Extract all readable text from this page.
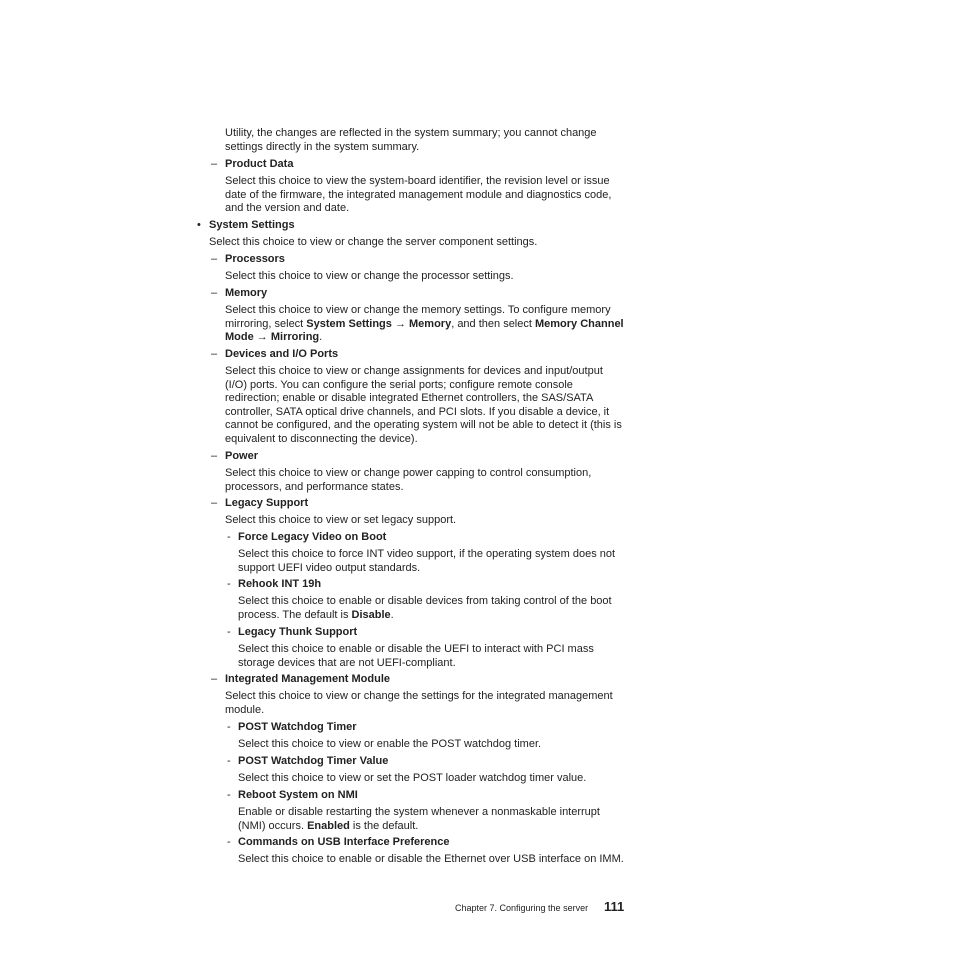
Utility, the changes are reflected in the system summary; you cannot change settings directly in the system summary.
– Product Data
Select this choice to view the system-board identifier, the revision level or issue date of the firmware, the integrated management module and diagnostics code, and the version and date.
• System Settings
Select this choice to view or change the server component settings.
– Processors
Select this choice to view or change the processor settings.
– Memory
Select this choice to view or change the memory settings. To configure memory mirroring, select System Settings → Memory, and then select Memory Channel Mode → Mirroring.
– Devices and I/O Ports
Select this choice to view or change assignments for devices and input/output (I/O) ports. You can configure the serial ports; configure remote console redirection; enable or disable integrated Ethernet controllers, the SAS/SATA controller, SATA optical drive channels, and PCI slots. If you disable a device, it cannot be configured, and the operating system will not be able to detect it (this is equivalent to disconnecting the device).
– Power
Select this choice to view or change power capping to control consumption, processors, and performance states.
– Legacy Support
Select this choice to view or set legacy support.
- Force Legacy Video on Boot
Select this choice to force INT video support, if the operating system does not support UEFI video output standards.
- Rehook INT 19h
Select this choice to enable or disable devices from taking control of the boot process. The default is Disable.
- Legacy Thunk Support
Select this choice to enable or disable the UEFI to interact with PCI mass storage devices that are not UEFI-compliant.
– Integrated Management Module
Select this choice to view or change the settings for the integrated management module.
- POST Watchdog Timer
Select this choice to view or enable the POST watchdog timer.
- POST Watchdog Timer Value
Select this choice to view or set the POST loader watchdog timer value.
- Reboot System on NMI
Enable or disable restarting the system whenever a nonmaskable interrupt (NMI) occurs. Enabled is the default.
- Commands on USB Interface Preference
Select this choice to enable or disable the Ethernet over USB interface on IMM.
Chapter 7. Configuring the server 111
